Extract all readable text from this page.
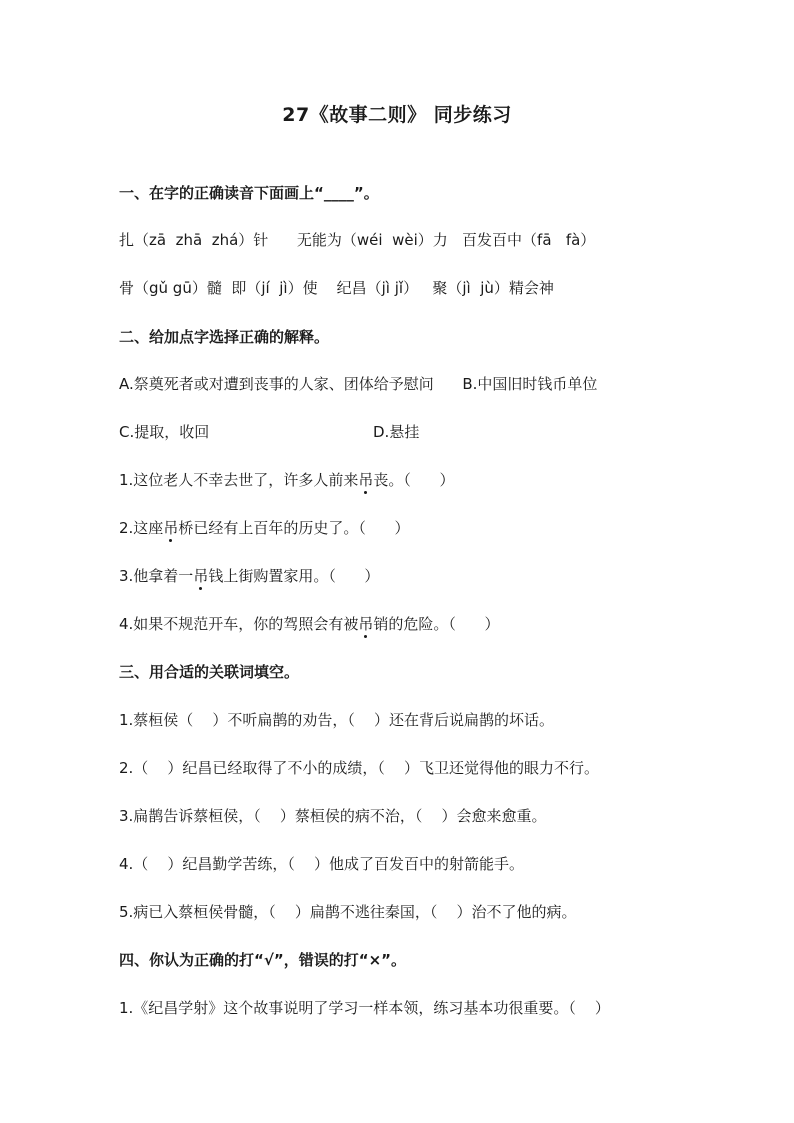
27《故事二则》 同步练习
一、在字的正确读音下面画上“____”。
扎（zā  zhā  zhá）针      无能为（wéi  wèi）力   百发百中（fā   fà）
骨（gǔ gū）髓  即（jí  jì）使    纪昌（jì jǐ）   聚（jì  jù）精会神
二、给加点字选择正确的解释。
A.祭奠死者或对遭到丧事的人家、团体给予慰问      B.中国旧时钱币单位
C.提取，收回	D.悬挂
1.这位老人不幸去世了，许多人前来吊丧。（      ）
2.这座吊桥已经有上百年的历史了。（      ）
3.他拿着一吊钱上街购置家用。（      ）
4.如果不规范开车，你的驾照会有被吊销的危险。（      ）
三、用合适的关联词填空。
1.蔡桓侯（    ）不听扁鹊的劝告，（    ）还在背后说扁鹊的坏话。
2.（    ）纪昌已经取得了不小的成绩，（    ）飞卫还觉得他的眼力不行。
3.扁鹊告诉蔡桓侯，（    ）蔡桓侯的病不治，（    ）会愈来愈重。
4.（    ）纪昌勤学苦练，（    ）他成了百发百中的射箭能手。
5.病已入蔡桓侯骨髓，（    ）扁鹊不逃往秦国，（    ）治不了他的病。
四、你认为正确的打“√”，错误的打“×”。
1.《纪昌学射》这个故事说明了学习一样本领，练习基本功很重要。（    ）
